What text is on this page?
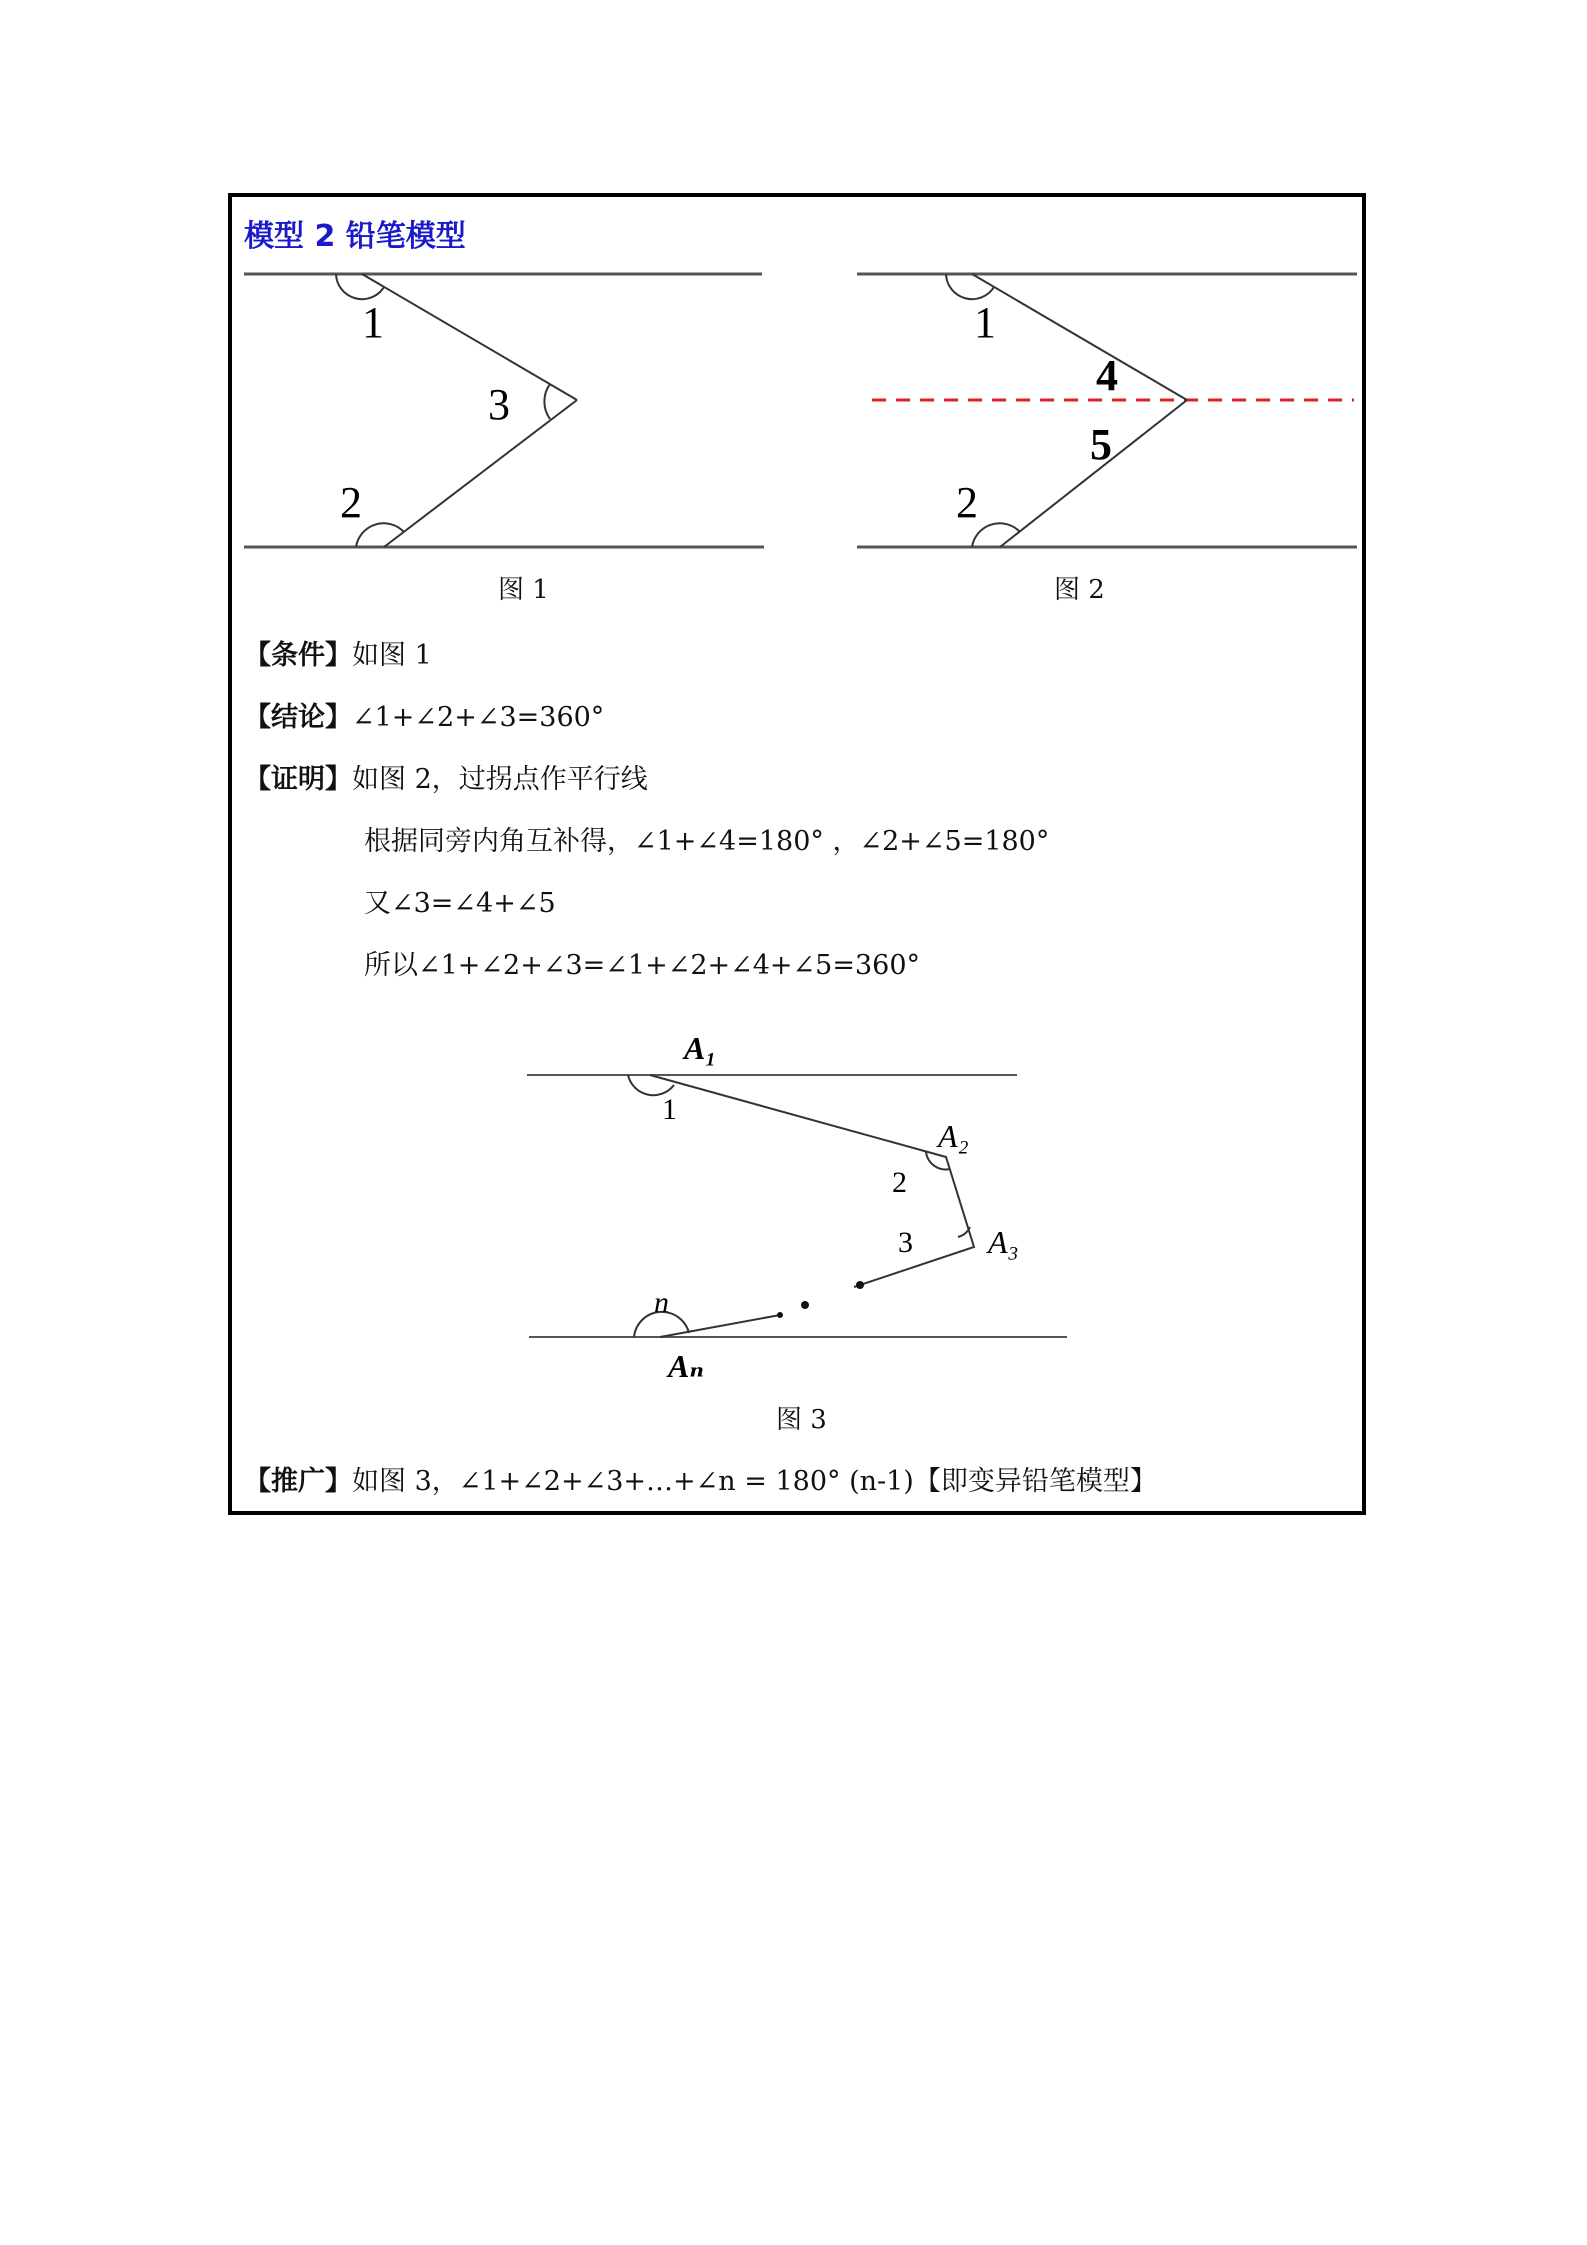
模型 2 铅笔模型
1
2
3
1
2
4
5
图 1	图 2
【条件】如图 1
【结论】∠1+∠2+∠3=360°
【证明】如图 2，过拐点作平行线
根据同旁内角互补得，∠1+∠4=180° ，∠2+∠5=180°
又∠3=∠4+∠5
所以∠1+∠2+∠3=∠1+∠2+∠4+∠5=360°
1
2
3
n
A₁
A₂
A₃
Aₙ
图 3
【推广】如图 3，∠1+∠2+∠3+…+∠n = 180° (n-1)【即变异铅笔模型】
